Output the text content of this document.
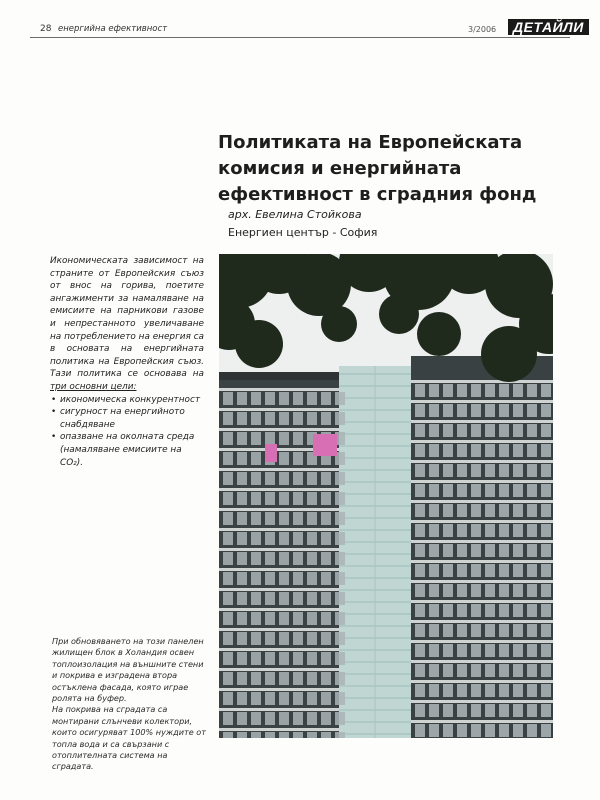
28 енергийна ефективност	3/2006	ДЕТАЙЛИ
Политиката на Европейската
комисия и енергийната
ефективност в сградния фонд
арх. Евелина Стойкова
Енергиен център - София

Икономическата зависимост на страните от Европейския съюз от внос на горива, поетите ангажименти за намаляване на емисиите на парникови газове и непрестанното увеличаване на потреблението на енергия са в основата на енергийната политика на Европейския съюз. Тази политика се основава на три основни цели:

• икономическа конкурентност
• сигурност на енергийното снабдяване
• опазване на околната среда (намаляване емисиите на CO₂).

При обновяването на този панелен жилищен блок в Холандия освен топлоизолация на външните стени и покрива е изградена втора остъклена фасада, която играе ролята на буфер.

На покрива на сградата са монтирани слънчеви колектори, които осигуряват 100% нуждите от топла вода и са свързани с отоплителната система на сградата.
